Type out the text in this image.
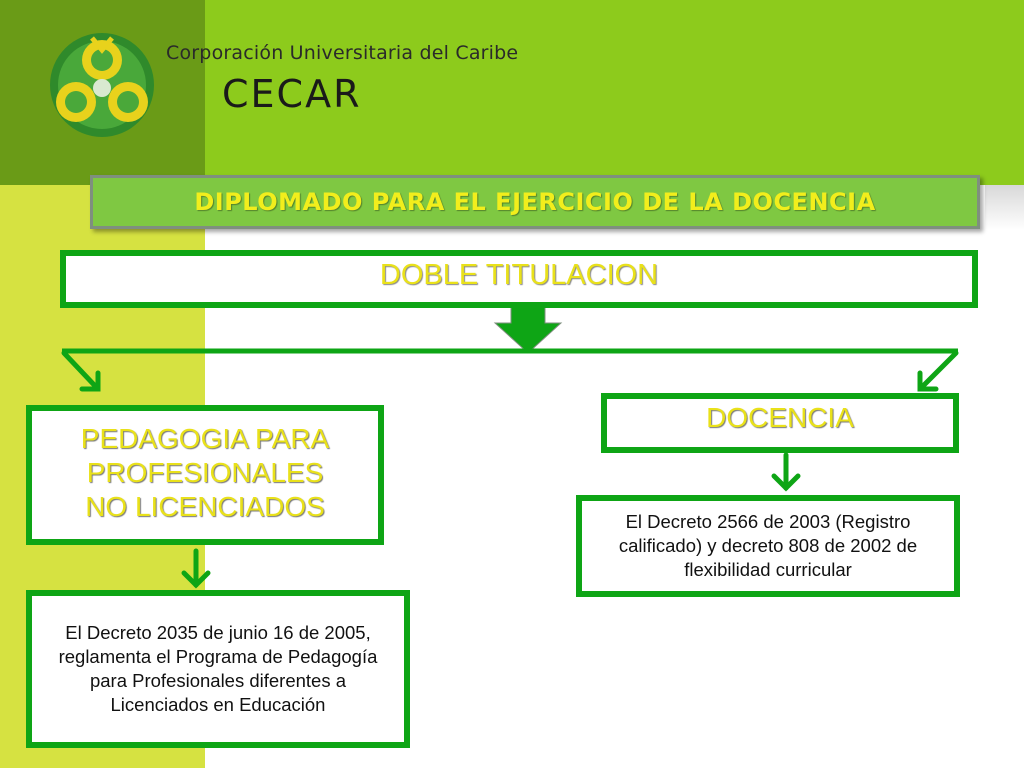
Corporación Universitaria del Caribe

CECAR

DIPLOMADO PARA EL EJERCICIO DE LA DOCENCIA
DOBLE TITULACION
PEDAGOGIA PARA
PROFESIONALES
NO LICENCIADOS
DOCENCIA
El Decreto 2035 de junio 16 de 2005, reglamenta el Programa de Pedagogía para Profesionales diferentes a Licenciados en Educación
El Decreto 2566 de 2003 (Registro calificado) y decreto 808 de 2002 de flexibilidad curricular
